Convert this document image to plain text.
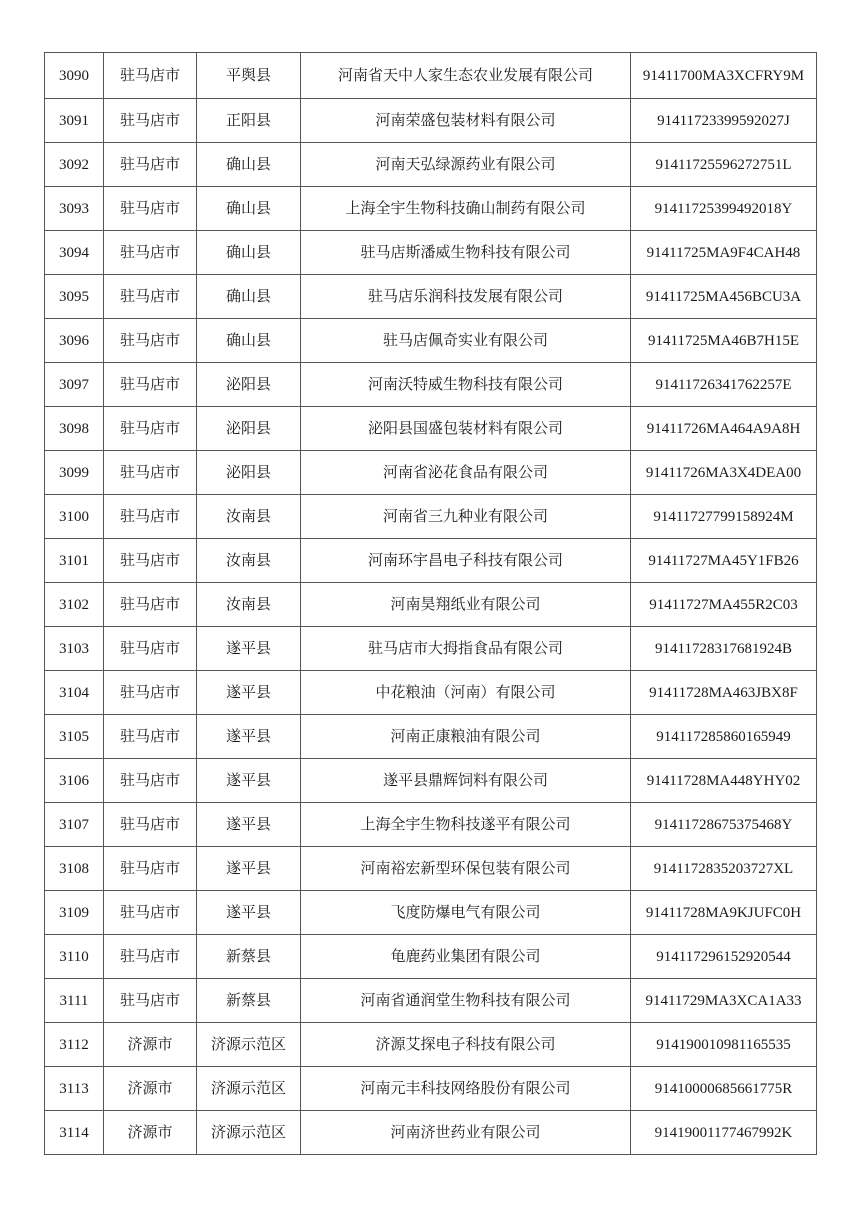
3090	驻马店市	平舆县	河南省天中人家生态农业发展有限公司	91411700MA3XCFRY9M
3091	驻马店市	正阳县	河南荣盛包装材料有限公司	91411723399592027J
3092	驻马店市	确山县	河南天弘绿源药业有限公司	91411725596272751L
3093	驻马店市	确山县	上海全宇生物科技确山制药有限公司	91411725399492018Y
3094	驻马店市	确山县	驻马店斯潘威生物科技有限公司	91411725MA9F4CAH48
3095	驻马店市	确山县	驻马店乐润科技发展有限公司	91411725MA456BCU3A
3096	驻马店市	确山县	驻马店佩奇实业有限公司	91411725MA46B7H15E
3097	驻马店市	泌阳县	河南沃特威生物科技有限公司	91411726341762257E
3098	驻马店市	泌阳县	泌阳县国盛包装材料有限公司	91411726MA464A9A8H
3099	驻马店市	泌阳县	河南省泌花食品有限公司	91411726MA3X4DEA00
3100	驻马店市	汝南县	河南省三九种业有限公司	91411727799158924M
3101	驻马店市	汝南县	河南环宇昌电子科技有限公司	91411727MA45Y1FB26
3102	驻马店市	汝南县	河南昊翔纸业有限公司	91411727MA455R2C03
3103	驻马店市	遂平县	驻马店市大拇指食品有限公司	91411728317681924B
3104	驻马店市	遂平县	中花粮油（河南）有限公司	91411728MA463JBX8F
3105	驻马店市	遂平县	河南正康粮油有限公司	914117285860165949
3106	驻马店市	遂平县	遂平县鼎辉饲料有限公司	91411728MA448YHY02
3107	驻马店市	遂平县	上海全宇生物科技遂平有限公司	91411728675375468Y
3108	驻马店市	遂平县	河南裕宏新型环保包装有限公司	9141172835203727XL
3109	驻马店市	遂平县	飞度防爆电气有限公司	91411728MA9KJUFC0H
3110	驻马店市	新蔡县	龟鹿药业集团有限公司	914117296152920544
3111	驻马店市	新蔡县	河南省通润堂生物科技有限公司	91411729MA3XCA1A33
3112	济源市	济源示范区	济源艾探电子科技有限公司	914190010981165535
3113	济源市	济源示范区	河南元丰科技网络股份有限公司	91410000685661775R
3114	济源市	济源示范区	河南济世药业有限公司	91419001177467992K
